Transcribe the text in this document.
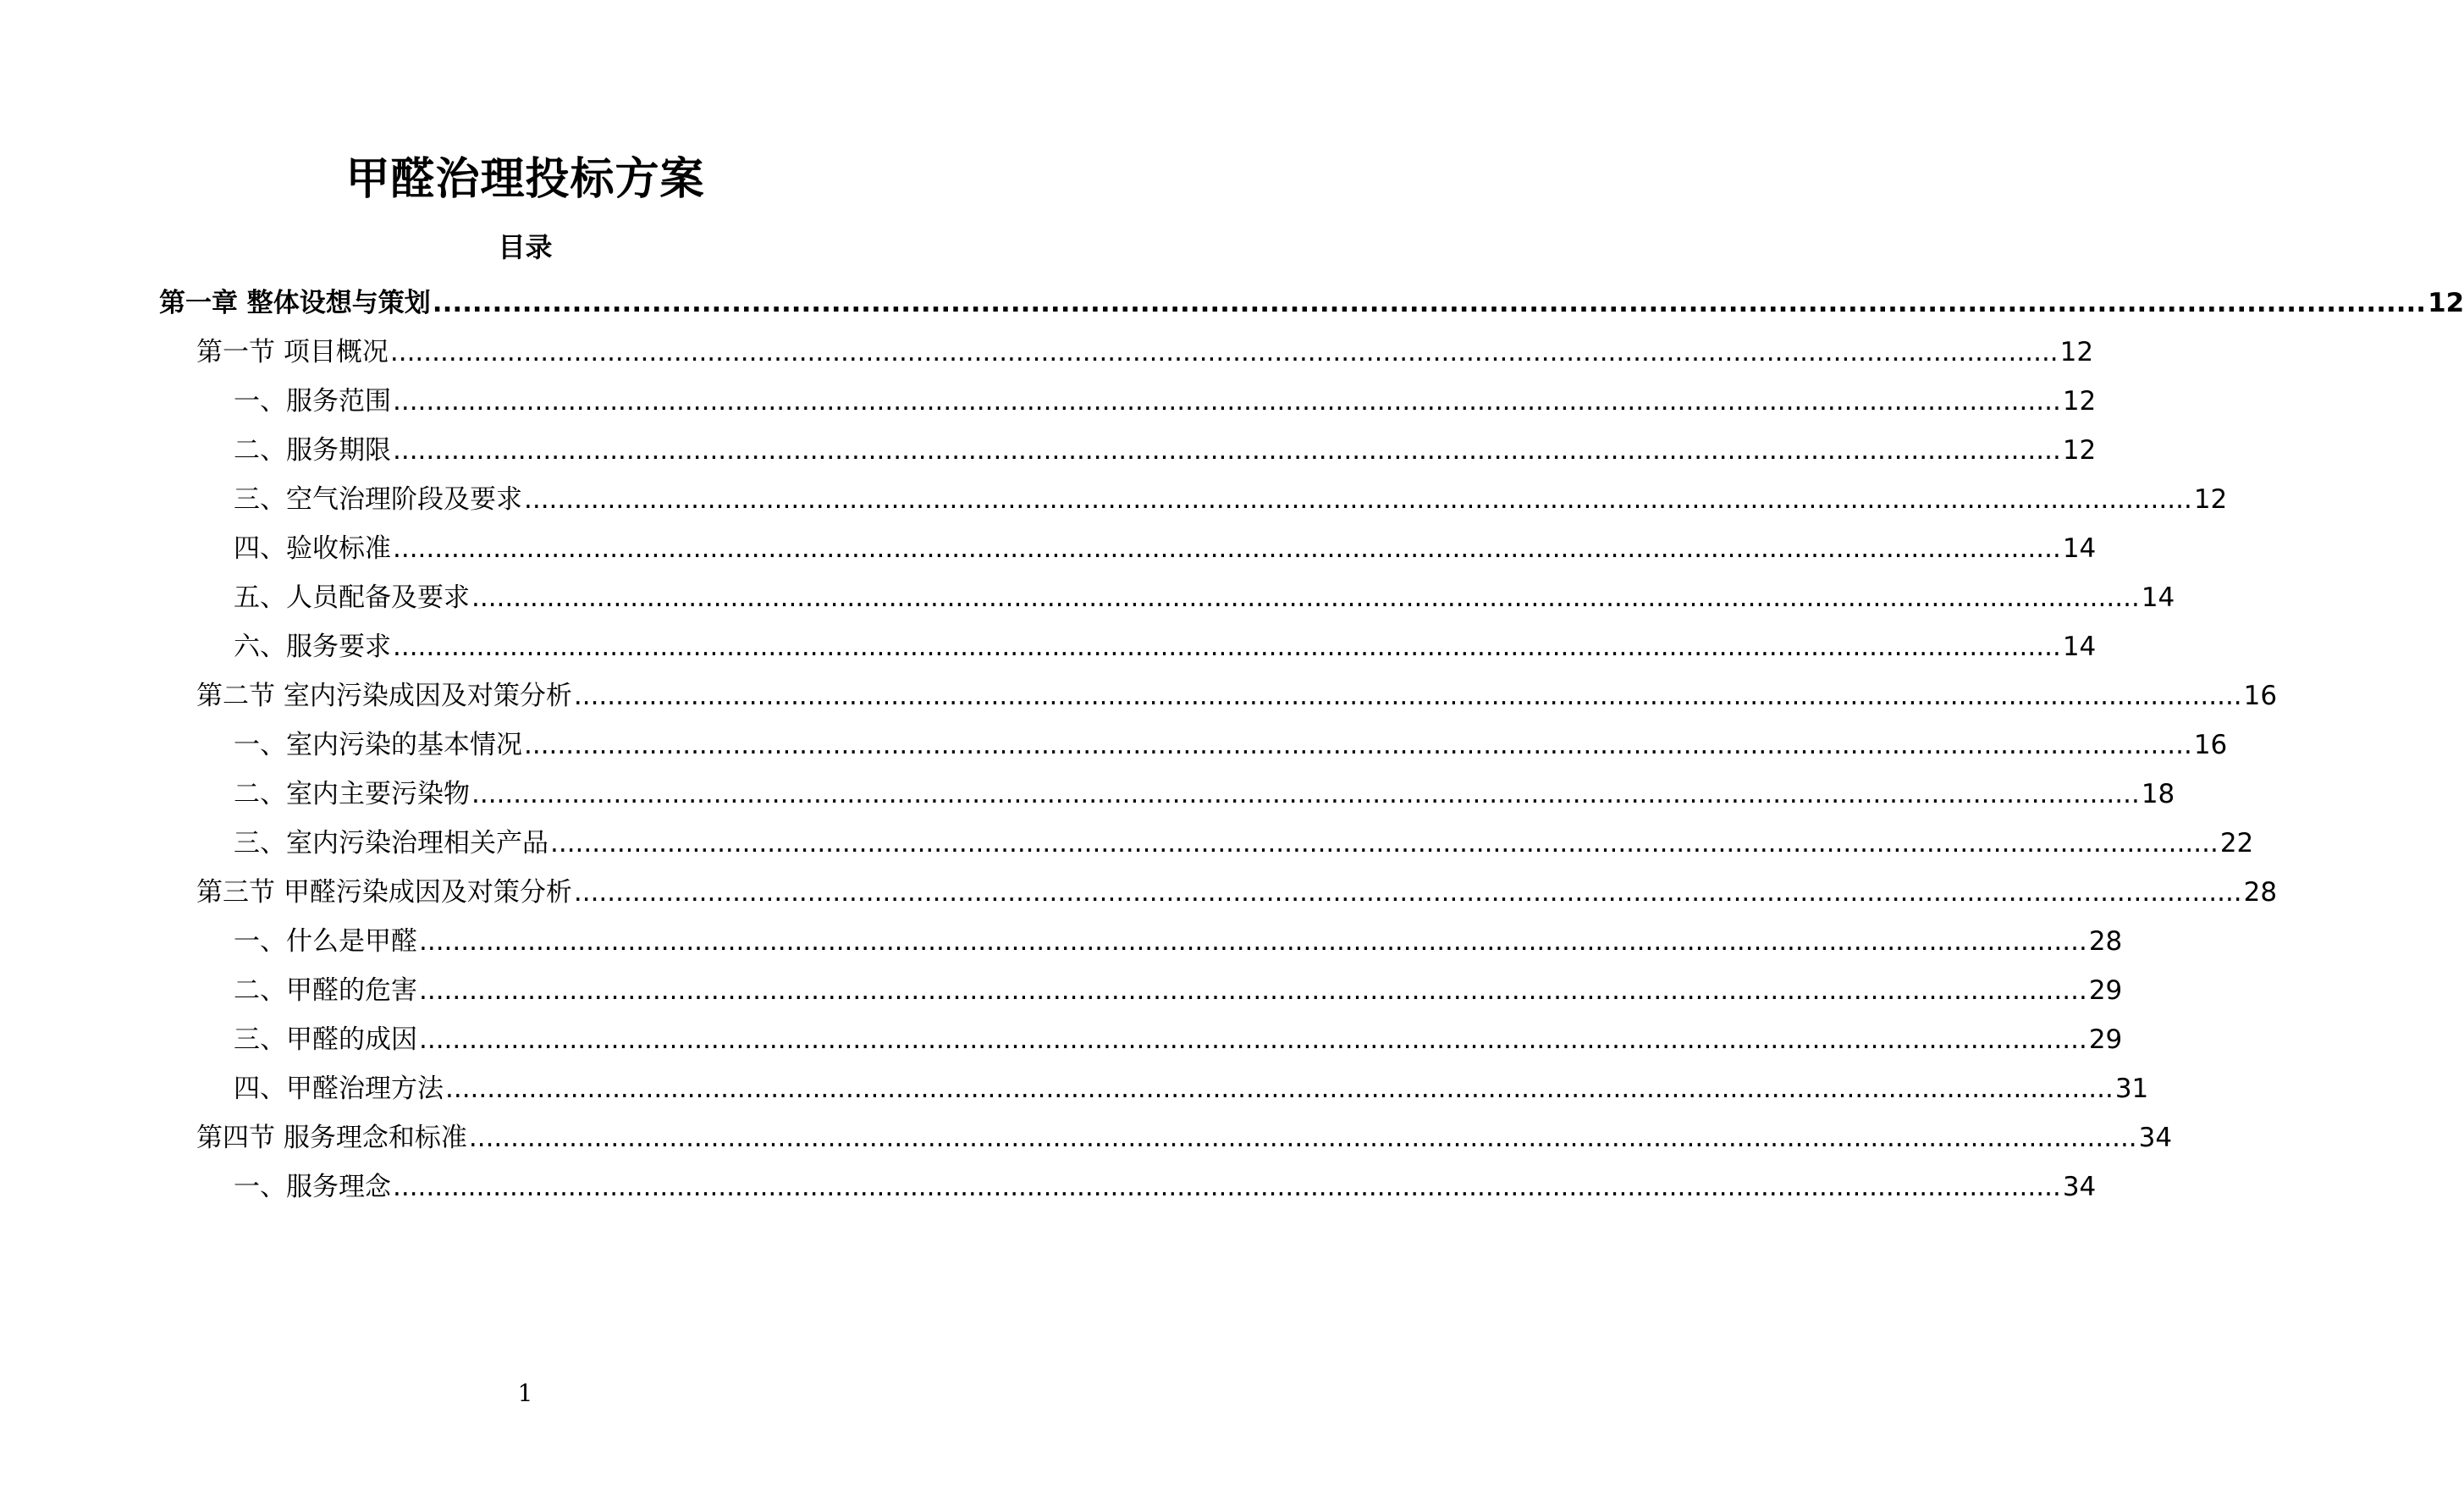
甲醛治理投标方案
目录
第一章 整体设想与策划 ........................................................................................................................................................................................................ 12
第一节 项目概况 ........................................................................................................................................................................................................ 12
一、服务范围 ........................................................................................................................................................................................................ 12
二、服务期限 ........................................................................................................................................................................................................ 12
三、空气治理阶段及要求 ........................................................................................................................................................................................................ 12
四、验收标准 ........................................................................................................................................................................................................ 14
五、人员配备及要求 ........................................................................................................................................................................................................ 14
六、服务要求 ........................................................................................................................................................................................................ 14
第二节 室内污染成因及对策分析 ........................................................................................................................................................................................................ 16
一、室内污染的基本情况 ........................................................................................................................................................................................................ 16
二、室内主要污染物 ........................................................................................................................................................................................................ 18
三、室内污染治理相关产品 ........................................................................................................................................................................................................ 22
第三节 甲醛污染成因及对策分析 ........................................................................................................................................................................................................ 28
一、什么是甲醛 ........................................................................................................................................................................................................ 28
二、甲醛的危害 ........................................................................................................................................................................................................ 29
三、甲醛的成因 ........................................................................................................................................................................................................ 29
四、甲醛治理方法 ........................................................................................................................................................................................................ 31
第四节 服务理念和标准 ........................................................................................................................................................................................................ 34
一、服务理念 ........................................................................................................................................................................................................ 34
1
